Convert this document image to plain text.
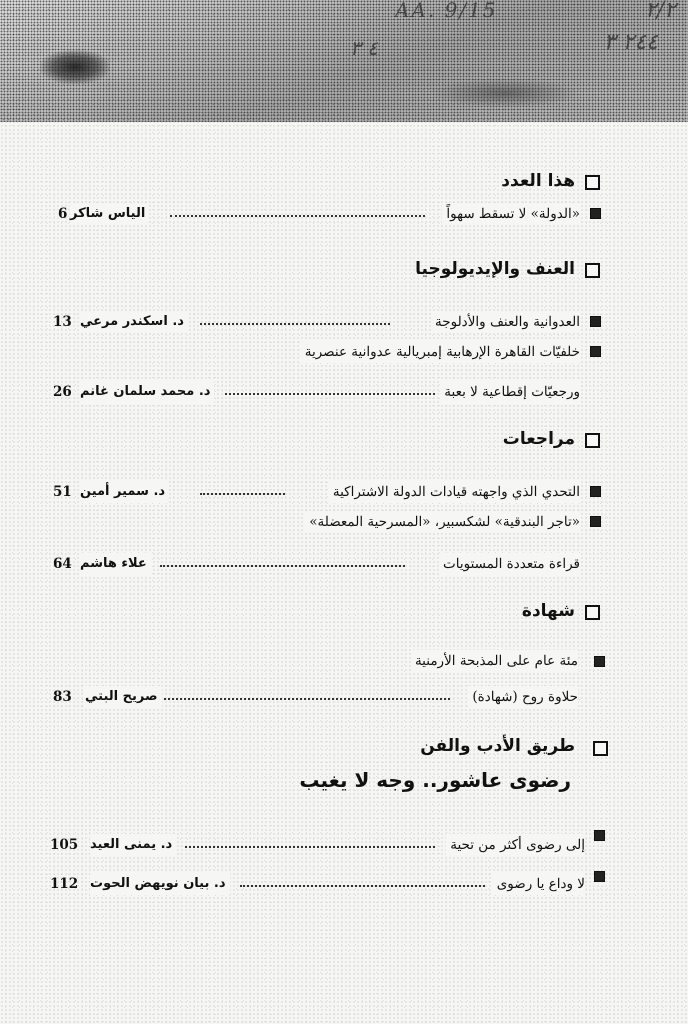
AA. 9/15	٢/٢
٢٤٤ ٣
٤ ٣
هذا العدد
«الدولة» لا تسقط سهواً
الياس شاكر
6
العنف والإيديولوجيا
العدوانية والعنف والأدلوجة
د. اسكندر مرعي
13
خلفيّات القاهرة الإرهابية إمبريالية عدوانية عنصرية
ورجعيّات إقطاعية لا بعبة
د. محمد سلمان غانم
26
مراجعات
التحدي الذي واجهته قيادات الدولة الاشتراكية
د. سمير أمين
51
«تاجر البندقية» لشكسبير، «المسرحية المعضلة»
قراءة متعددة المستويات
علاء هاشم
64
شهادة
مئة عام على المذبحة الأرمنية
حلاوة روح (شهادة)
صريح البتي
83
طريق الأدب والفن
رضوى عاشور.. وجه لا يغيب
إلى رضوى أكثر من تحية
د. يمنى العيد
105
لا وداع يا رضوى
د. بيان نويهض الحوت
112
